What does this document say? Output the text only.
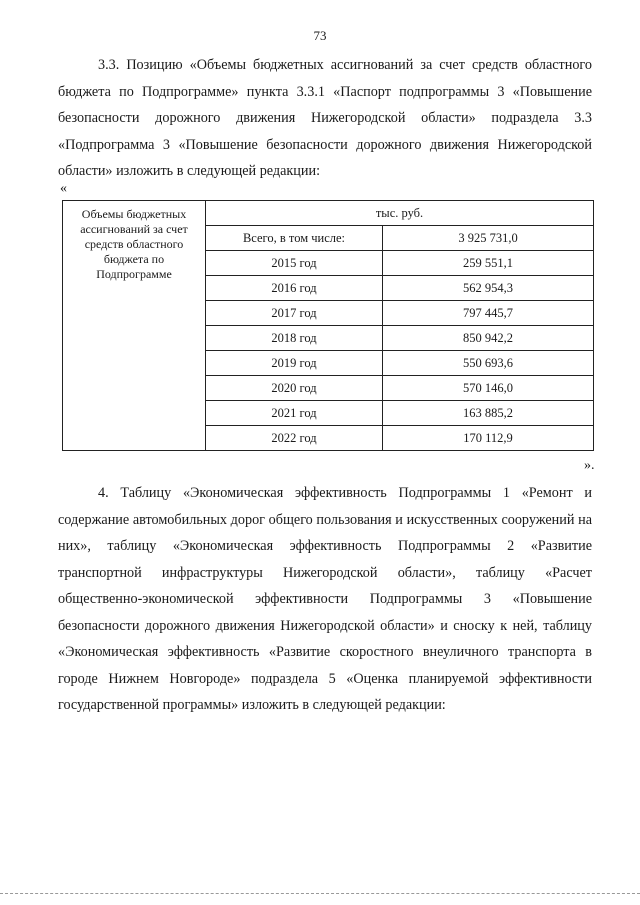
73

3.3. Позицию «Объемы бюджетных ассигнований за счет средств областного бюджета по Подпрограмме» пункта 3.3.1 «Паспорт подпрограммы 3 «Повышение безопасности дорожного движения Нижегородской области» подраздела 3.3 «Подпрограмма 3 «Повышение безопасности дорожного движения Нижегородской области» изложить в следующей редакции:

«
Объемы бюджетных ассигнований за счет средств областного бюджета по Подпрограмме	тыс. руб.	
	Всего, в том числе:	3 925 731,0
	2015 год	259 551,1
	2016 год	562 954,3
	2017 год	797 445,7
	2018 год	850 942,2
	2019 год	550 693,6
	2020 год	570 146,0
	2021 год	163 885,2
	2022 год	170 112,9
».

4. Таблицу «Экономическая эффективность Подпрограммы 1 «Ремонт и содержание автомобильных дорог общего пользования и искусственных сооружений на них», таблицу «Экономическая эффективность Подпрограммы 2 «Развитие транспортной инфраструктуры Нижегородской области», таблицу «Расчет общественно-экономической эффективности Подпрограммы 3 «Повышение безопасности дорожного движения Нижегородской области» и сноску к ней, таблицу «Экономическая эффективность «Развитие скоростного внеуличного транспорта в городе Нижнем Новгороде» подраздела 5 «Оценка планируемой эффективности государственной программы» изложить в следующей редакции:
